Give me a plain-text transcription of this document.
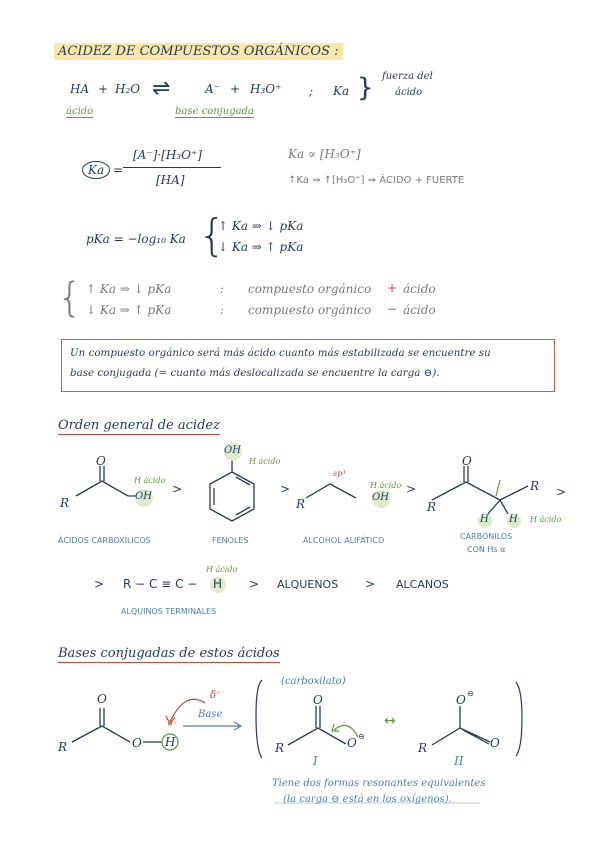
ACIDEZ DE COMPUESTOS ORGÁNICOS :
HA + H₂O ⇌	A⁻ + H₃O⁺ ; Ka } fuerza del
ácido
ácido	base conjugada
Ka =
[A⁻]·[H₃O⁺]
[HA]
Ka ∝ [H₃O⁺]
↑Ka ⇒ ↑[H₃O⁺] ⇒ ÁCIDO + FUERTE
pKa = −log₁₀ Ka {
↑ Ka ⇒ ↓ pKa
↓ Ka ⇒ ↑ pKa
{ ↑ Ka ⇒ ↓ pKa	: compuesto orgánico + ácido
↓ Ka ⇒ ↑ pKa	: compuesto orgánico − ácido
Un compuesto orgánico será más ácido cuanto más estabilizada se encuentre su
base conjugada (= cuanto más deslocalizada se encuentre la carga ⊖).
Orden general de acidez
O
R	OH
H ácido
ÁCIDOS CARBOXÍLICOS
>
OH
H ácido
FENOLES
>
sp³
R	OH
H ácido
ALCOHOL ALIFÁTICO
>
O
R
R
H H H ácido
CARBONILOS
CON Hs α
>
> R − C ≡ C − H
H ácido
ALQUINOS TERMINALES
> ALQUENOS > ALCANOS
Bases conjugadas de estos ácidos
O
R	O H
δ⁻
δ⁺
Base
(carboxilato)
O
R	O ⊖
I
↔
O ⊖
R	O
II
Tiene dos formas resonantes equivalentes
(la carga ⊖ está en los oxígenos).
